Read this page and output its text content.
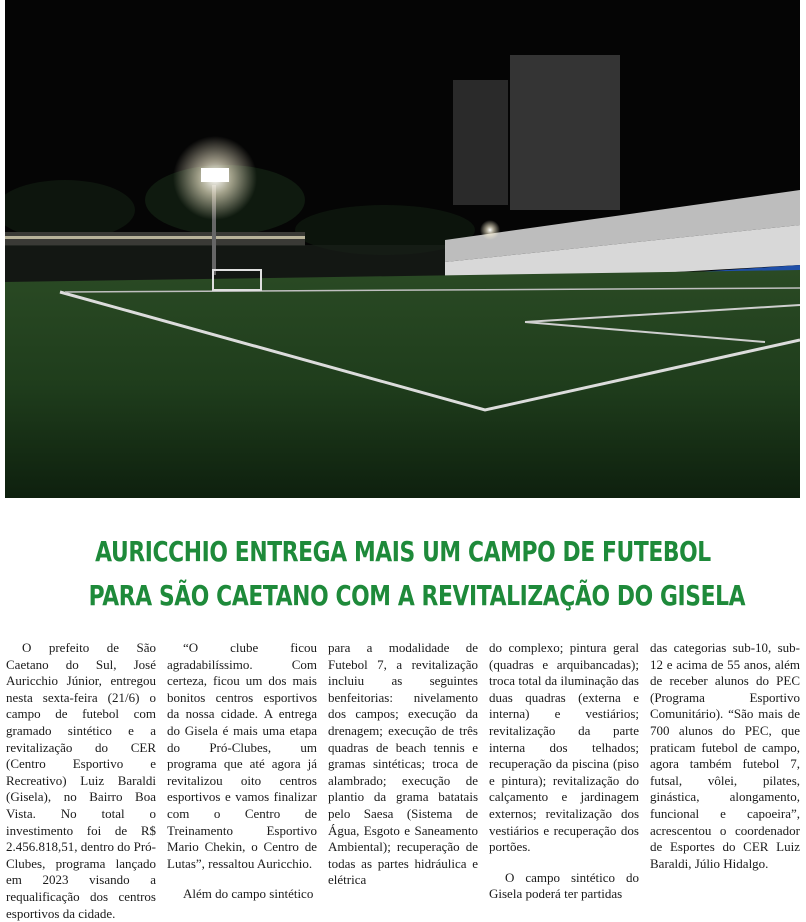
AURICCHIO ENTREGA MAIS UM CAMPO DE FUTEBOL
PARA SÃO CAETANO COM A REVITALIZAÇÃO DO GISELA

O prefeito de São Caetano do Sul, José Auricchio Júnior, entregou nesta sexta-feira (21/6) o campo de futebol com gramado sintético e a revitalização do CER (Centro Esportivo e Recreativo) Luiz Baraldi (Gisela), no Bairro Boa Vista. No total o investimento foi de R$ 2.456.818,51, dentro do Pró-Clubes, programa lançado em 2023 visando a requalificação dos centros esportivos da cidade.

“O clube ficou agradabilíssimo. Com certeza, ficou um dos mais bonitos centros esportivos da nossa cidade. A entrega do Gisela é mais uma etapa do Pró-Clubes, um programa que até agora já revitalizou oito centros esportivos e vamos finalizar com o Centro de Treinamento Esportivo Mario Chekin, o Centro de Lutas”, ressaltou Auricchio.

Além do campo sintético

para a modalidade de Futebol 7, a revitalização incluiu as seguintes benfeitorias: nivelamento dos campos; execução da drenagem; execução de três quadras de beach tennis e gramas sintéticas; troca de alambrado; execução de plantio da grama batatais pelo Saesa (Sistema de Água, Esgoto e Saneamento Ambiental); recuperação de todas as partes hidráulica e elétrica

do complexo; pintura geral (quadras e arquibancadas); troca total da iluminação das duas quadras (externa e interna) e vestiários; revitalização da parte interna dos telhados; recuperação da piscina (piso e pintura); revitalização do calçamento e jardinagem externos; revitalização dos vestiários e recuperação dos portões.

O campo sintético do Gisela poderá ter partidas

das categorias sub-10, sub-12 e acima de 55 anos, além de receber alunos do PEC (Programa Esportivo Comunitário). “São mais de 700 alunos do PEC, que praticam futebol de campo, agora também futebol 7, futsal, vôlei, pilates, ginástica, alongamento, funcional e capoeira”, acrescentou o coordenador de Esportes do CER Luiz Baraldi, Júlio Hidalgo.
